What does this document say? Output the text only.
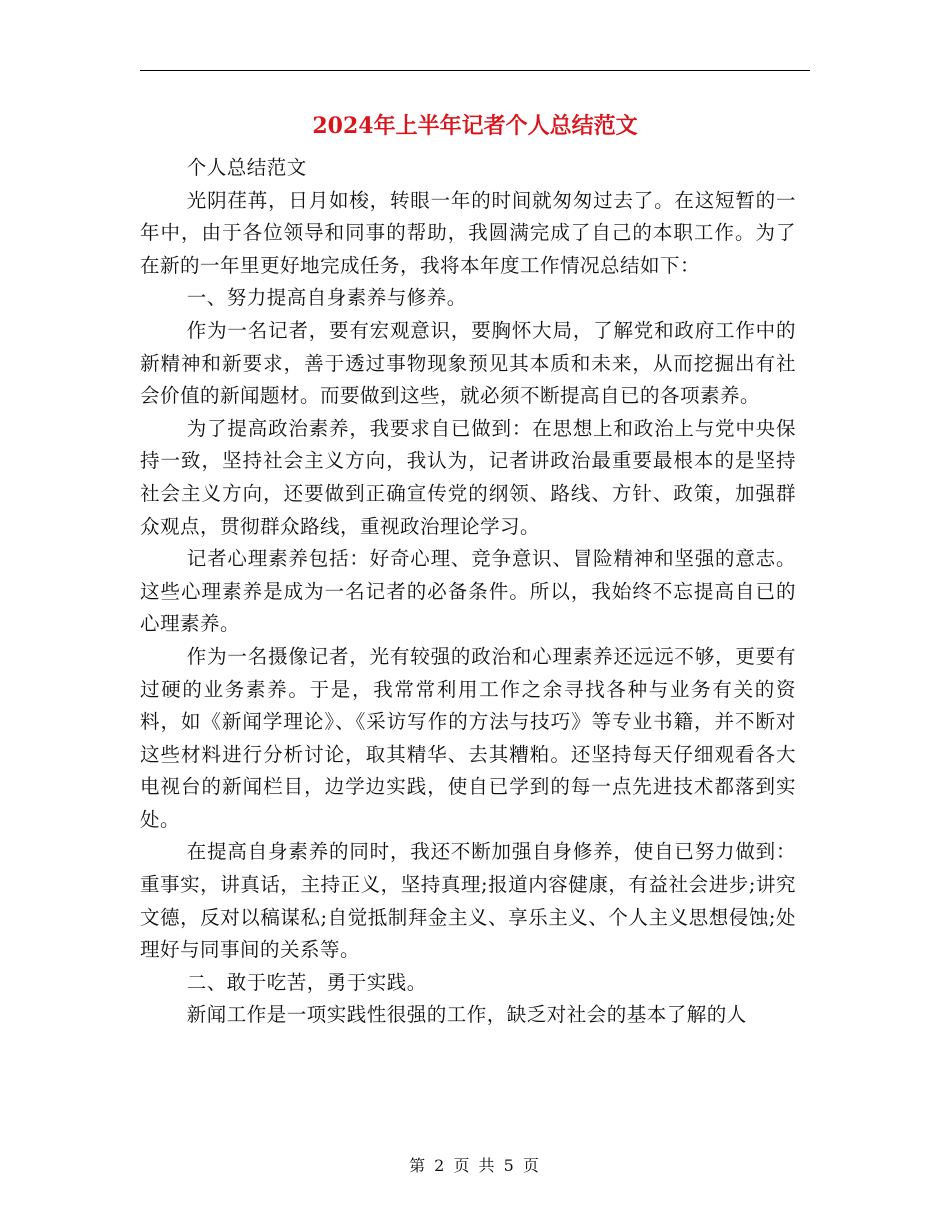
2024年上半年记者个人总结范文

个人总结范文

光阴荏苒，日月如梭，转眼一年的时间就匆匆过去了。在这短暂的一年中，由于各位领导和同事的帮助，我圆满完成了自己的本职工作。为了在新的一年里更好地完成任务，我将本年度工作情况总结如下：

一、努力提高自身素养与修养。

作为一名记者，要有宏观意识，要胸怀大局，了解党和政府工作中的新精神和新要求，善于透过事物现象预见其本质和未来，从而挖掘出有社会价值的新闻题材。而要做到这些，就必须不断提高自已的各项素养。

为了提高政治素养，我要求自已做到：在思想上和政治上与党中央保持一致，坚持社会主义方向，我认为，记者讲政治最重要最根本的是坚持社会主义方向，还要做到正确宣传党的纲领、路线、方针、政策，加强群众观点，贯彻群众路线，重视政治理论学习。

记者心理素养包括：好奇心理、竞争意识、冒险精神和坚强的意志。这些心理素养是成为一名记者的必备条件。所以，我始终不忘提高自已的心理素养。

作为一名摄像记者，光有较强的政治和心理素养还远远不够，更要有过硬的业务素养。于是，我常常利用工作之余寻找各种与业务有关的资料，如《新闻学理论》、《采访写作的方法与技巧》等专业书籍，并不断对这些材料进行分析讨论，取其精华、去其糟粕。还坚持每天仔细观看各大电视台的新闻栏目，边学边实践，使自已学到的每一点先进技术都落到实处。

在提高自身素养的同时，我还不断加强自身修养，使自已努力做到：重事实，讲真话，主持正义，坚持真理;报道内容健康，有益社会进步;讲究文德，反对以稿谋私;自觉抵制拜金主义、享乐主义、个人主义思想侵蚀;处理好与同事间的关系等。

二、敢于吃苦，勇于实践。

新闻工作是一项实践性很强的工作，缺乏对社会的基本了解的人

第 2 页 共 5 页
